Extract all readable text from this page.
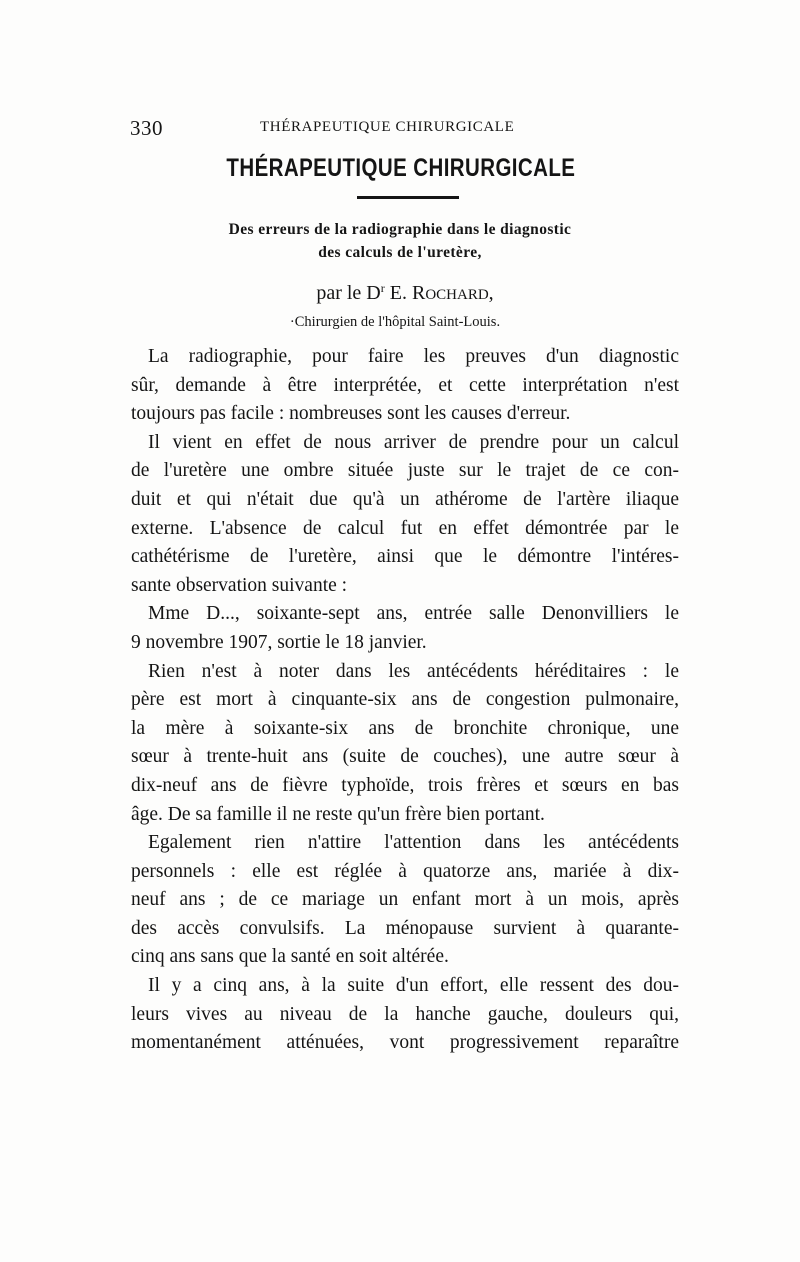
330	THÉRAPEUTIQUE CHIRURGICALE
THÉRAPEUTIQUE CHIRURGICALE
Des erreurs de la radiographie dans le diagnostic
des calculs de l'uretère,
par le $D^r$ E. ROCHARD,
·Chirurgien de l'hôpital Saint-Louis.
La radiographie, pour faire les preuves d'un diagnostic
sûr, demande à être interprétée, et cette interprétation n'est
toujours pas facile : nombreuses sont les causes d'erreur.
Il vient en effet de nous arriver de prendre pour un calcul
de l'uretère une ombre située juste sur le trajet de ce con-
duit et qui n'était due qu'à un athérome de l'artère iliaque
externe. L'absence de calcul fut en effet démontrée par le
cathétérisme de l'uretère, ainsi que le démontre l'intéres-
sante observation suivante :
Mme D..., soixante-sept ans, entrée salle Denonvilliers le
9 novembre 1907, sortie le 18 janvier.
Rien n'est à noter dans les antécédents héréditaires : le
père est mort à cinquante-six ans de congestion pulmonaire,
la mère à soixante-six ans de bronchite chronique, une
sœur à trente-huit ans (suite de couches), une autre sœur à
dix-neuf ans de fièvre typhoïde, trois frères et sœurs en bas
âge. De sa famille il ne reste qu'un frère bien portant.
Egalement rien n'attire l'attention dans les antécédents
personnels : elle est réglée à quatorze ans, mariée à dix-
neuf ans ; de ce mariage un enfant mort à un mois, après
des accès convulsifs. La ménopause survient à quarante-
cinq ans sans que la santé en soit altérée.
Il y a cinq ans, à la suite d'un effort, elle ressent des dou-
leurs vives au niveau de la hanche gauche, douleurs qui,
momentanément atténuées, vont progressivement reparaître
